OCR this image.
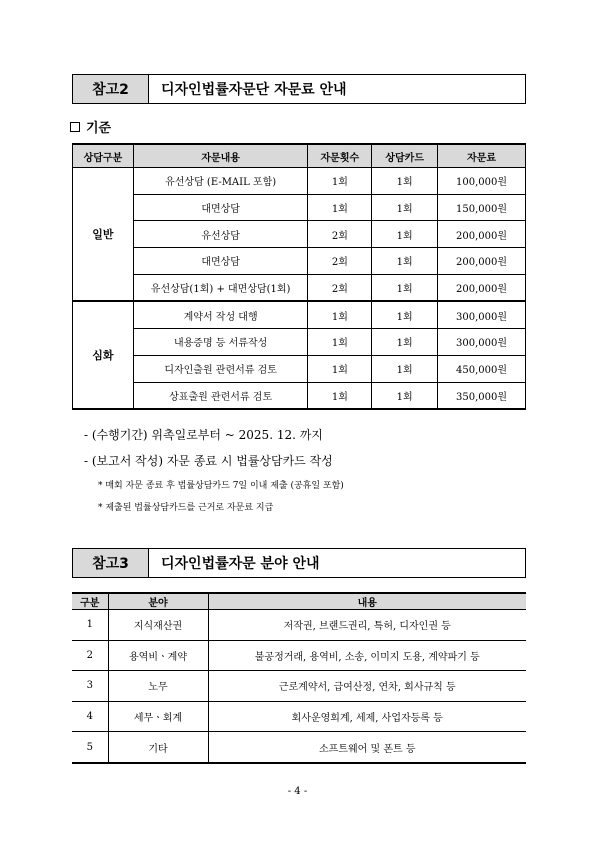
참고2	디자인법률자문단 자문료 안내
기준
상담구분	자문내용	자문횟수	상담카드	자문료
일반	유선상담 (E-MAIL 포함)	1회	1회	100,000원
	대면상담	1회	1회	150,000원
	유선상담	2회	1회	200,000원
	대면상담	2회	1회	200,000원
	유선상담(1회) + 대면상담(1회)	2회	1회	200,000원
심화	계약서 작성 대행	1회	1회	300,000원
	내용증명 등 서류작성	1회	1회	300,000원
	디자인출원 관련서류 검토	1회	1회	450,000원
	상표출원 관련서류 검토	1회	1회	350,000원
- (수행기간) 위촉일로부터 ~ 2025. 12. 까지
- (보고서 작성) 자문 종료 시 법률상담카드 작성
* 매회 자문 종료 후 법률상담카드 7일 이내 제출 (공휴일 포함)
* 제출된 법률상담카드를 근거로 자문료 지급
참고3	디자인법률자문 분야 안내
구분	분야	내용
1	지식재산권	저작권, 브랜드권리, 특허, 디자인권 등
2	용역비ㆍ계약	불공정거래, 용역비, 소송, 이미지 도용, 계약파기 등
3	노무	근로계약서, 급여산정, 연차, 회사규칙 등
4	세무ㆍ회계	회사운영회계, 세제, 사업자등록 등
5	기타	소프트웨어 및 폰트 등
- 4 -
